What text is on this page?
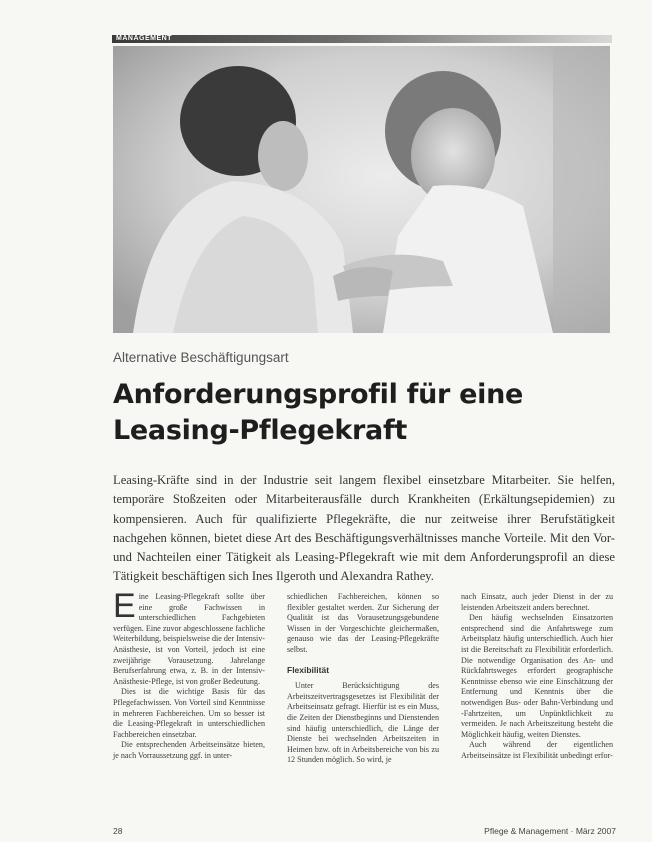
MANAGEMENT
Alternative Beschäftigungsart
Anforderungsprofil für eine Leasing-Pflegekraft
Leasing-Kräfte sind in der Industrie seit langem flexibel einsetzbare Mitarbeiter. Sie helfen, temporäre Stoßzeiten oder Mitarbeiterausfälle durch Krankheiten (Erkältungsepidemien) zu kompensieren. Auch für qualifizierte Pflegekräfte, die nur zeitweise ihrer Berufstätigkeit nachgehen können, bietet diese Art des Beschäftigungsverhältnisses manche Vorteile. Mit den Vor- und Nachteilen einer Tätigkeit als Leasing-Pflegekraft wie mit dem Anforderungsprofil an diese Tätigkeit beschäftigen sich Ines Ilgeroth und Alexandra Rathey.

Eine Leasing-Pflegekraft sollte über eine große Fachwissen in unterschiedlichen Fachgebieten verfügen. Eine zuvor abgeschlossene fachliche Weiterbildung, beispielsweise die der Intensiv-Anästhesie, ist von Vorteil, jedoch ist eine zweijährige Vorausetzung. Jahrelange Berufserfahrung etwa, z. B. in der Intensiv-Anästhesie-Pflege, ist von großer Bedeutung.

Dies ist die wichtige Basis für das Pflegefachwissen. Von Vorteil sind Kenntnisse in mehreren Fachbereichen. Um so besser ist die Leasing-Pflegekraft in unterschiedlichen Fachbereichen einsetzbar.

Die entsprechenden Arbeitseinsätze bieten, je nach Vorraussetzung ggf. in unter-

schiedlichen Fachbereichen, können so flexibler gestaltet werden. Zur Sicherung der Qualität ist das Vorausetzungsgebundene Wissen in der Vorgeschichte gleichermaßen, genauso wie das der Leasing-Pflegekräfte selbst.

Flexibilität

Unter Berücksichtigung des Arbeitszeitvertragsgesetzes ist Flexibilität der Arbeitseinsatz gefragt. Hierfür ist es ein Muss, die Zeiten der Dienstbeginns und Dienstenden sind häufig unterschiedlich, die Länge der Dienste bei wechselnden Arbeitszeiten in Heimen bzw. oft in Arbeitsbereiche von bis zu 12 Stunden möglich. So wird, je

nach Einsatz, auch jeder Dienst in der zu leistenden Arbeitszeit anders berechnet.

Den häufig wechselnden Einsatzorten entsprechend sind die Anfahrtswege zum Arbeitsplatz häufig unterschiedlich. Auch hier ist die Bereitschaft zu Flexibilität erforderlich. Die notwendige Organisation des An- und Rückfahrtsweges erfordert geographische Kenntnisse ebenso wie eine Einschätzung der Entfernung und Kenntnis über die notwendigen Bus- oder Bahn-Verbindung und -Fahrtzeiten, um Unpünktlichkeit zu vermeiden. Je nach Arbeitszeitung besteht die Möglichkeit häufig, weiten Dienstes.

Auch während der eigentlichen Arbeitseinsätze ist Flexibilität unbedingt erfor-

28	Pflege & Management · März 2007
